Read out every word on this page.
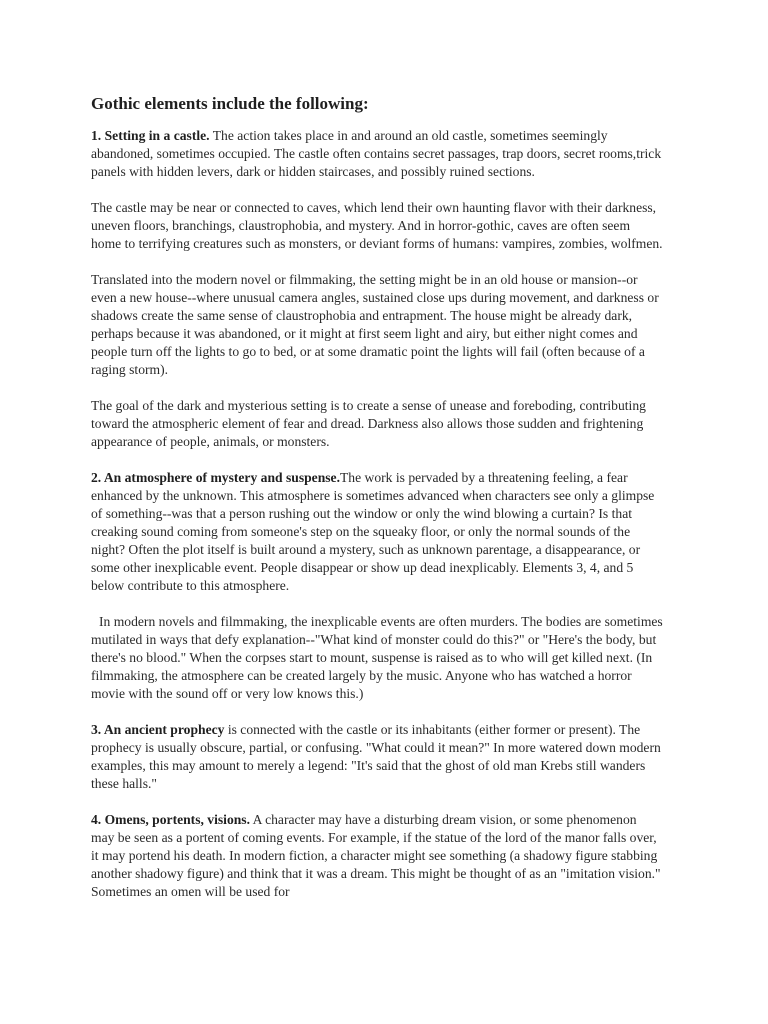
Gothic elements include the following:

1. Setting in a castle. The action takes place in and around an old castle, sometimes seemingly abandoned, sometimes occupied. The castle often contains secret passages, trap doors, secret rooms,trick panels with hidden levers, dark or hidden staircases, and possibly ruined sections.

The castle may be near or connected to caves, which lend their own haunting flavor with their darkness, uneven floors, branchings, claustrophobia, and mystery. And in horror-gothic, caves are often seem home to terrifying creatures such as monsters, or deviant forms of humans: vampires, zombies, wolfmen.

Translated into the modern novel or filmmaking, the setting might be in an old house or mansion--or even a new house--where unusual camera angles, sustained close ups during movement, and darkness or shadows create the same sense of claustrophobia and entrapment. The house might be already dark, perhaps because it was abandoned, or it might at first seem light and airy, but either night comes and people turn off the lights to go to bed, or at some dramatic point the lights will fail (often because of a raging storm).

The goal of the dark and mysterious setting is to create a sense of unease and foreboding, contributing toward the atmospheric element of fear and dread. Darkness also allows those sudden and frightening appearance of people, animals, or monsters.

2. An atmosphere of mystery and suspense.The work is pervaded by a threatening feeling, a fear enhanced by the unknown. This atmosphere is sometimes advanced when characters see only a glimpse of something--was that a person rushing out the window or only the wind blowing a curtain? Is that creaking sound coming from someone's step on the squeaky floor, or only the normal sounds of the night? Often the plot itself is built around a mystery, such as unknown parentage, a disappearance, or some other inexplicable event. People disappear or show up dead inexplicably. Elements 3, 4, and 5 below contribute to this atmosphere.

In modern novels and filmmaking, the inexplicable events are often murders. The bodies are sometimes mutilated in ways that defy explanation--"What kind of monster could do this?" or "Here's the body, but there's no blood." When the corpses start to mount, suspense is raised as to who will get killed next. (In filmmaking, the atmosphere can be created largely by the music. Anyone who has watched a horror movie with the sound off or very low knows this.)

3. An ancient prophecy is connected with the castle or its inhabitants (either former or present). The prophecy is usually obscure, partial, or confusing. "What could it mean?" In more watered down modern examples, this may amount to merely a legend: "It's said that the ghost of old man Krebs still wanders these halls."

4. Omens, portents, visions. A character may have a disturbing dream vision, or some phenomenon may be seen as a portent of coming events. For example, if the statue of the lord of the manor falls over, it may portend his death. In modern fiction, a character might see something (a shadowy figure stabbing another shadowy figure) and think that it was a dream. This might be thought of as an "imitation vision." Sometimes an omen will be used for
